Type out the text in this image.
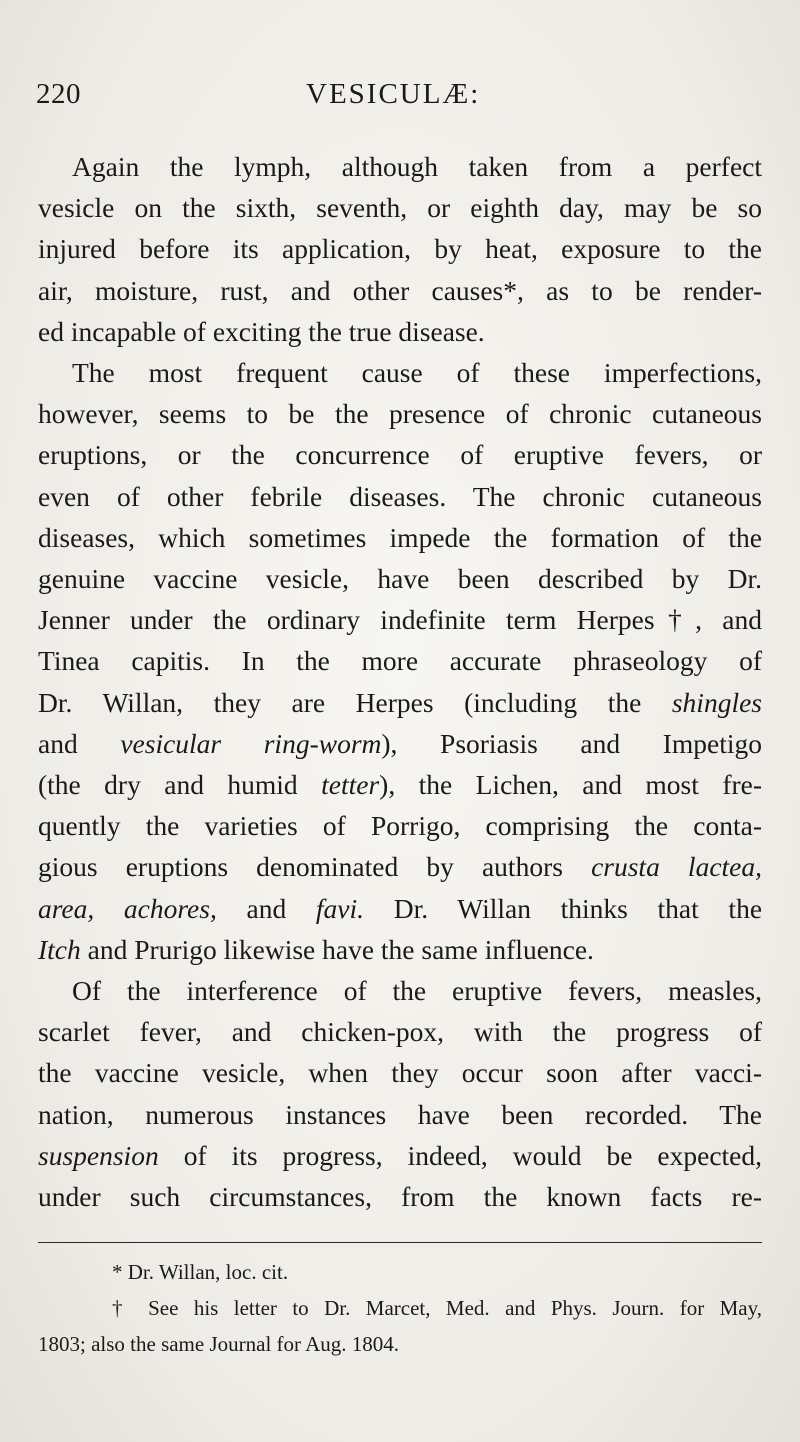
220	VESICULÆ:

Again the lymph, although taken from a perfect
vesicle on the sixth, seventh, or eighth day, may be so
injured before its application, by heat, exposure to the
air, moisture, rust, and other causes*, as to be render-
ed incapable of exciting the true disease.

The most frequent cause of these imperfections,
however, seems to be the presence of chronic cutaneous
eruptions, or the concurrence of eruptive fevers, or
even of other febrile diseases. The chronic cutaneous
diseases, which sometimes impede the formation of the
genuine vaccine vesicle, have been described by Dr.
Jenner under the ordinary indefinite term Herpes†, and
Tinea capitis. In the more accurate phraseology of
Dr. Willan, they are Herpes (including the shingles
and vesicular ring-worm), Psoriasis and Impetigo
(the dry and humid tetter), the Lichen, and most fre-
quently the varieties of Porrigo, comprising the conta-
gious eruptions denominated by authors crusta lactea,
area, achores, and favi. Dr. Willan thinks that the
Itch and Prurigo likewise have the same influence.

Of the interference of the eruptive fevers, measles,
scarlet fever, and chicken-pox, with the progress of
the vaccine vesicle, when they occur soon after vacci-
nation, numerous instances have been recorded. The
suspension of its progress, indeed, would be expected,
under such circumstances, from the known facts re-

* Dr. Willan, loc. cit.
† See his letter to Dr. Marcet, Med. and Phys. Journ. for May,
1803; also the same Journal for Aug. 1804.
